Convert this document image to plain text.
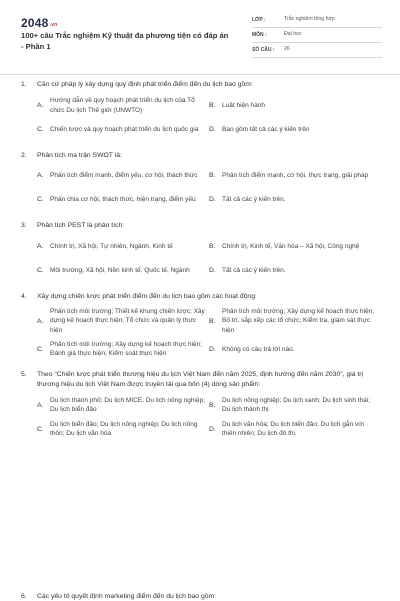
2048.vn
100+ câu Trắc nghiệm Kỹ thuật đa phương tiện có đáp án - Phần 1
LỚP :	Trắc nghiệm tổng hợp
MÔN :	Đại học
SỐ CÂU :	26
1.	Căn cứ pháp lý xây dựng quy định phát triển điểm đến du lịch bao gồm:
A.
Hướng dẫn về quy hoạch phát triển du lịch của Tổ chức Du lịch Thế giới (UNWTO)
B.	Luật hiện hành
C. Chiến lược và quy hoạch phát triển du lịch quốc gia D. Bao gồm tất cả các ý kiến trên
2.	Phân tích ma trận SWOT là:
A.	Phân tích điểm mạnh, điểm yếu, cơ hội, thách thức B.	Phân tích điểm mạnh, cơ hội, thực trạng, giải pháp
C. Phân chia cơ hội, thách thức, hiện trạng, điểm yếu D. Tất cả các ý kiến trên.
3.	Phân tích PEST là phân tích:
A.	Chính trị, Xã hội, Tự nhiên, Ngành, Kinh tế	B.	Chính trị, Kinh tế, Văn hóa – Xã hội, Công nghệ
C. Môi trường, Xã hội, Nền kinh tế, Quốc tế, Ngành	D. Tất cả các ý kiến trên.
4.	Xây dựng chiến lược phát triển điểm đến du lịch bao gồm các hoạt động:
A.
Phân tích môi trường; Thiết kế khung chiến lược; Xây dựng kế hoạch thực hiện; Tổ chức và quản lý thực hiện
B.
Phân tích môi trường; Xây dựng kế hoạch thực hiện; Bố trí, sắp xếp các tổ chức; Kiểm tra, giám sát thực hiện
C.
Phân tích môi trường; Xây dựng kế hoạch thực hiện; Đánh giá thực hiện; Kiểm soát thực hiện
D. Không có câu trả lời nào.
5.	Theo "Chiến lược phát triển thương hiệu du lịch Việt Nam đến năm 2025, định hướng đến năm 2030", giá trị thương hiệu du lịch Việt Nam được truyền tải qua bốn (4) dòng sản phẩm:
A.
Du lịch thành phố; Du lịch MICE; Du lịch nông nghiệp; Du lịch biển đảo
B.
Du lịch nông nghiệp; Du lịch xanh; Du lịch sinh thái; Du lịch thành thị
C.
Du lịch biển đảo; Du lịch nông nghiệp; Du lịch nông thôn; Du lịch văn hóa
D.
Du lịch văn hóa; Du lịch biển đảo; Du lịch gắn với thiên nhiên; Du lịch đô thị.
6.	Các yếu tố quyết định marketing điểm đến du lịch bao gồm:
